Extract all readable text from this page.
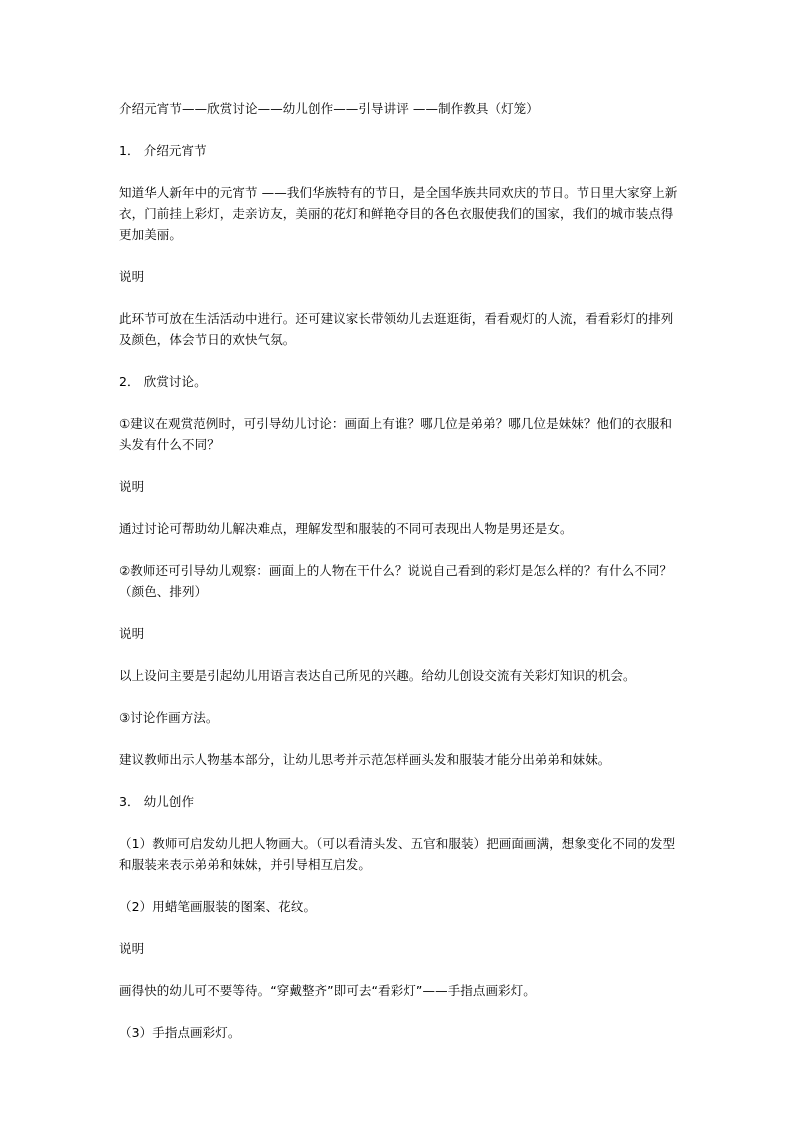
介绍元宵节——欣赏讨论——幼儿创作——引导讲评 ——制作教具（灯笼）

1． 介绍元宵节

知道华人新年中的元宵节 ——我们华族特有的节日，是全国华族共同欢庆的节日。节日里大家穿上新衣，门前挂上彩灯，走亲访友，美丽的花灯和鲜艳夺目的各色衣服使我们的国家，我们的城市装点得更加美丽。

说明

此环节可放在生活活动中进行。还可建议家长带领幼儿去逛逛街，看看观灯的人流，看看彩灯的排列及颜色，体会节日的欢快气氛。

2． 欣赏讨论。

①建议在观赏范例时，可引导幼儿讨论：画面上有谁？哪几位是弟弟？哪几位是妹妹？他们的衣服和头发有什么不同？

说明

通过讨论可帮助幼儿解决难点，理解发型和服装的不同可表现出人物是男还是女。

②教师还可引导幼儿观察：画面上的人物在干什么？说说自己看到的彩灯是怎么样的？有什么不同？（颜色、排列）

说明

以上设问主要是引起幼儿用语言表达自己所见的兴趣。给幼儿创设交流有关彩灯知识的机会。

③讨论作画方法。

建议教师出示人物基本部分，让幼儿思考并示范怎样画头发和服装才能分出弟弟和妹妹。

3． 幼儿创作

（1）教师可启发幼儿把人物画大。（可以看清头发、五官和服装）把画面画满，想象变化不同的发型和服装来表示弟弟和妹妹，并引导相互启发。

（2）用蜡笔画服装的图案、花纹。

说明

画得快的幼儿可不要等待。“穿戴整齐”即可去“看彩灯”——手指点画彩灯。

（3）手指点画彩灯。
